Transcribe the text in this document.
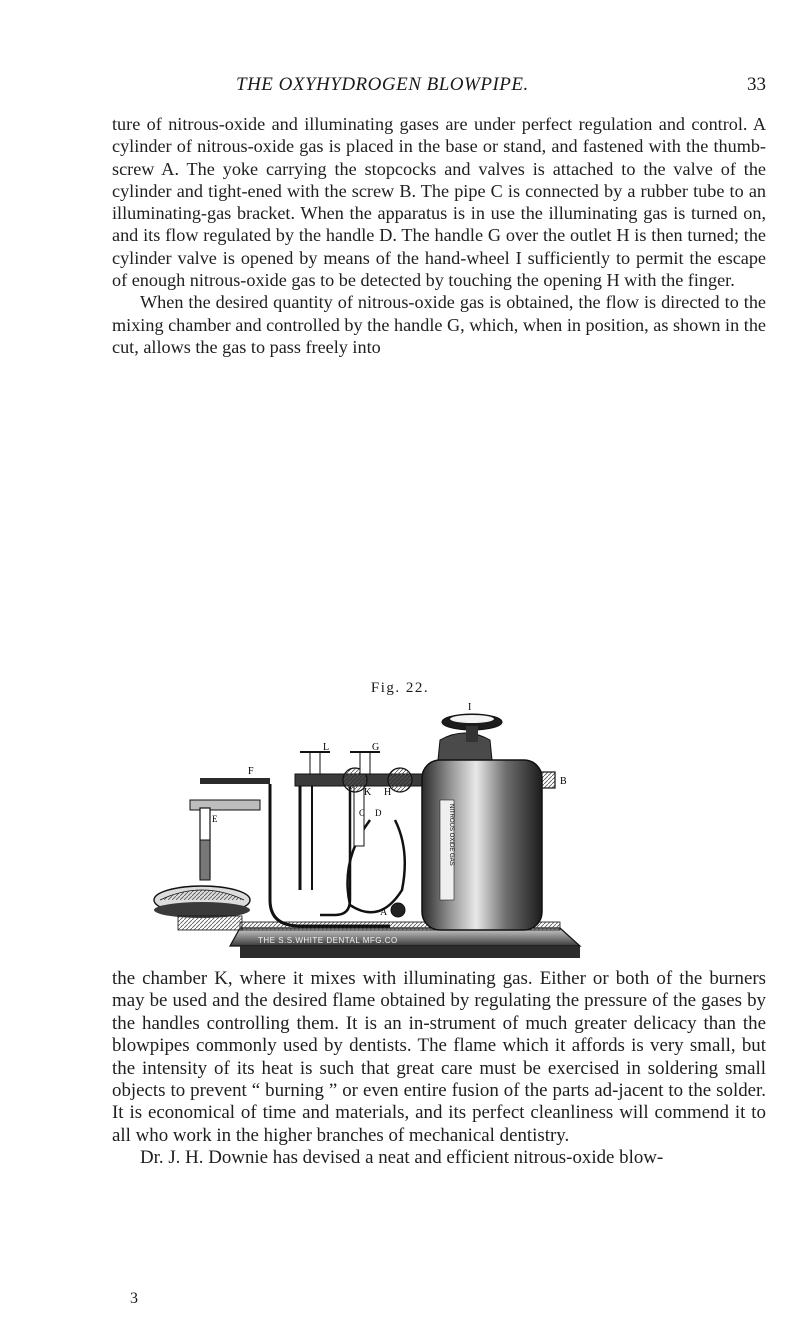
THE OXYHYDROGEN BLOWPIPE.	33

ture of nitrous-oxide and illuminating gases are under perfect regulation and control. A cylinder of nitrous-oxide gas is placed in the base or stand, and fastened with the thumb-screw A. The yoke carrying the stopcocks and valves is attached to the valve of the cylinder and tight-ened with the screw B. The pipe C is connected by a rubber tube to an illuminating-gas bracket. When the apparatus is in use the illuminating gas is turned on, and its flow regulated by the handle D. The handle G over the outlet H is then turned; the cylinder valve is opened by means of the hand-wheel I sufficiently to permit the escape of enough nitrous-oxide gas to be detected by touching the opening H with the finger.

When the desired quantity of nitrous-oxide gas is obtained, the flow is directed to the mixing chamber and controlled by the handle G, which, when in position, as shown in the cut, allows the gas to pass freely into

Fig. 22.
E
F
C D
L	G
K H
B
NITROUS OXIDE GAS
A
I
THE S.S.WHITE DENTAL MFG.CO

the chamber K, where it mixes with illuminating gas. Either or both of the burners may be used and the desired flame obtained by regulating the pressure of the gases by the handles controlling them. It is an in-strument of much greater delicacy than the blowpipes commonly used by dentists. The flame which it affords is very small, but the intensity of its heat is such that great care must be exercised in soldering small objects to prevent “ burning ” or even entire fusion of the parts ad-jacent to the solder. It is economical of time and materials, and its perfect cleanliness will commend it to all who work in the higher branches of mechanical dentistry.

Dr. J. H. Downie has devised a neat and efficient nitrous-oxide blow-

3
